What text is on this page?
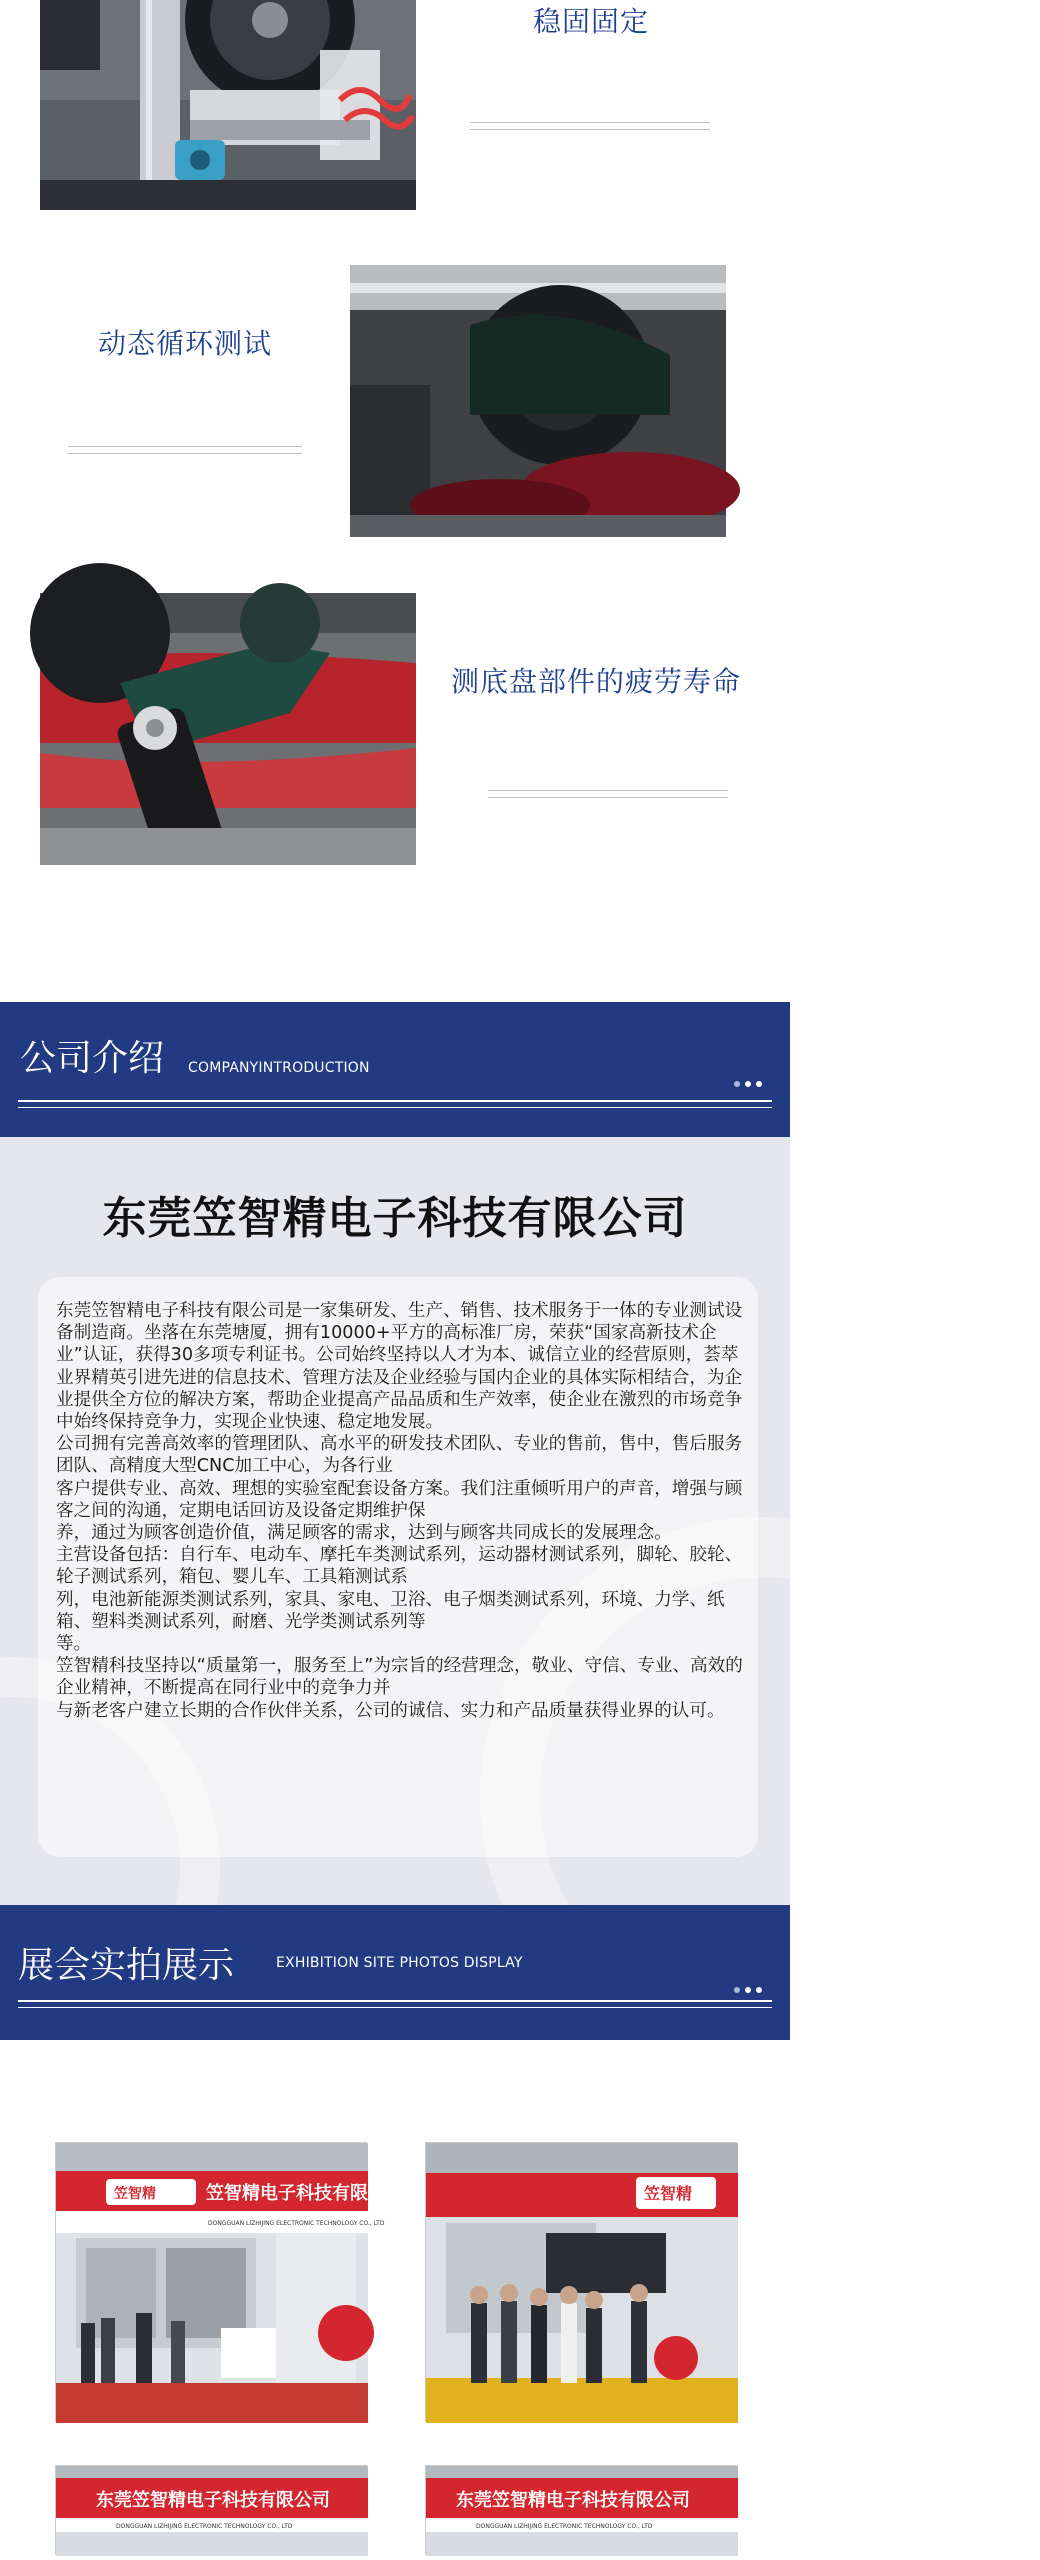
稳固固定
动态循环测试
测底盘部件的疲劳寿命
公司介绍 COMPANYINTRODUCTION
东莞笠智精电子科技有限公司

东莞笠智精电子科技有限公司是一家集研发、生产、销售、技术服务于一体的专业测试设备制造商。坐落在东莞塘厦，拥有10000+平方的高标准厂房，荣获“国家高新技术企业”认证，获得30多项专利证书。公司始终坚持以人才为本、诚信立业的经营原则，荟萃业界精英引进先进的信息技术、管理方法及企业经验与国内企业的具体实际相结合，为企业提供全方位的解决方案，帮助企业提高产品品质和生产效率，使企业在激烈的市场竞争中始终保持竞争力，实现企业快速、稳定地发展。

公司拥有完善高效率的管理团队、高水平的研发技术团队、专业的售前，售中，售后服务团队、高精度大型CNC加工中心，为各行业

客户提供专业、高效、理想的实验室配套设备方案。我们注重倾听用户的声音，增强与顾客之间的沟通，定期电话回访及设备定期维护保

养，通过为顾客创造价值，满足顾客的需求，达到与顾客共同成长的发展理念。

主营设备包括：自行车、电动车、摩托车类测试系列，运动器材测试系列，脚轮、胶轮、轮子测试系列，箱包、婴儿车、工具箱测试系

列，电池新能源类测试系列，家具、家电、卫浴、电子烟类测试系列，环境、力学、纸箱、塑料类测试系列，耐磨、光学类测试系列等

等。

笠智精科技坚持以“质量第一，服务至上”为宗旨的经营理念，敬业、守信、专业、高效的企业精神，不断提高在同行业中的竞争力并

与新老客户建立长期的合作伙伴关系，公司的诚信、实力和产品质量获得业界的认可。

展会实拍展示	EXHIBITION SITE PHOTOS DISPLAY
笠智精电子科技有限公司
DONGGUAN LIZHIJING ELECTRONIC TECHNOLOGY CO., LTD
笠智精	笠智精
东莞笠智精电子科技有限公司
DONGGUAN LIZHIJING ELECTRONIC TECHNOLOGY CO., LTD
东莞笠智精电子科技有限公司
DONGGUAN LIZHIJING ELECTRONIC TECHNOLOGY CO., LTD
